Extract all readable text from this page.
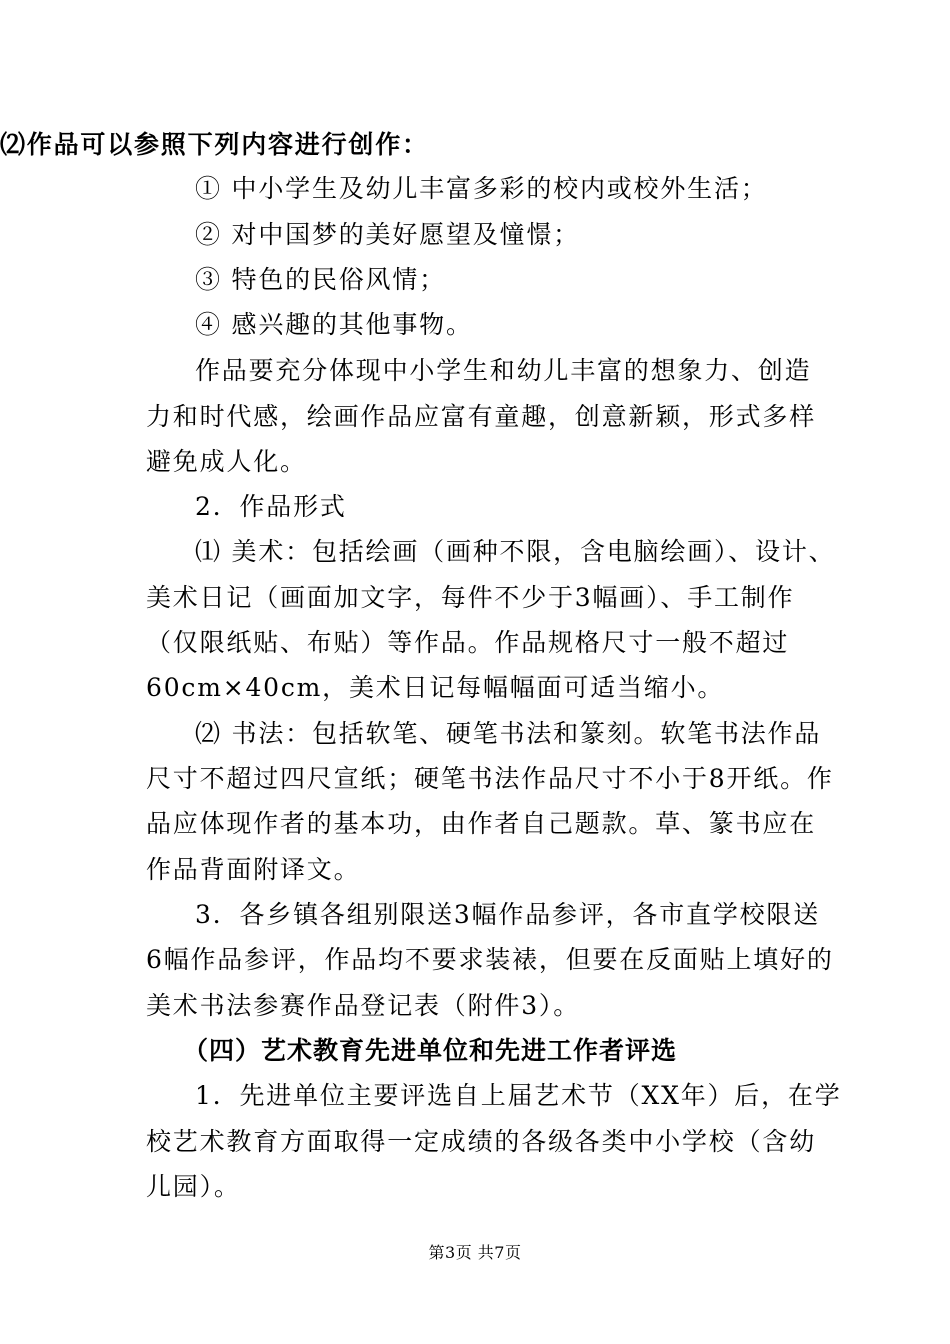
⑵作品可以参照下列内容进行创作：
① 中小学生及幼儿丰富多彩的校内或校外生活；
② 对中国梦的美好愿望及憧憬；
③ 特色的民俗风情；
④ 感兴趣的其他事物。
作品要充分体现中小学生和幼儿丰富的想象力、创造
力和时代感，绘画作品应富有童趣，创意新颖，形式多样
避免成人化。
2．作品形式
⑴ 美术：包括绘画（画种不限，含电脑绘画）、设计、
美术日记（画面加文字，每件不少于3幅画）、手工制作
（仅限纸贴、布贴）等作品。作品规格尺寸一般不超过
60cm×40cm，美术日记每幅幅面可适当缩小。
⑵ 书法：包括软笔、硬笔书法和篆刻。软笔书法作品
尺寸不超过四尺宣纸；硬笔书法作品尺寸不小于8开纸。作
品应体现作者的基本功，由作者自己题款。草、篆书应在
作品背面附译文。
3．各乡镇各组别限送3幅作品参评，各市直学校限送
6幅作品参评，作品均不要求装裱，但要在反面贴上填好的
美术书法参赛作品登记表（附件3）。
（四）艺术教育先进单位和先进工作者评选
1．先进单位主要评选自上届艺术节（XX年）后，在学
校艺术教育方面取得一定成绩的各级各类中小学校（含幼
儿园）。
第3页 共7页
